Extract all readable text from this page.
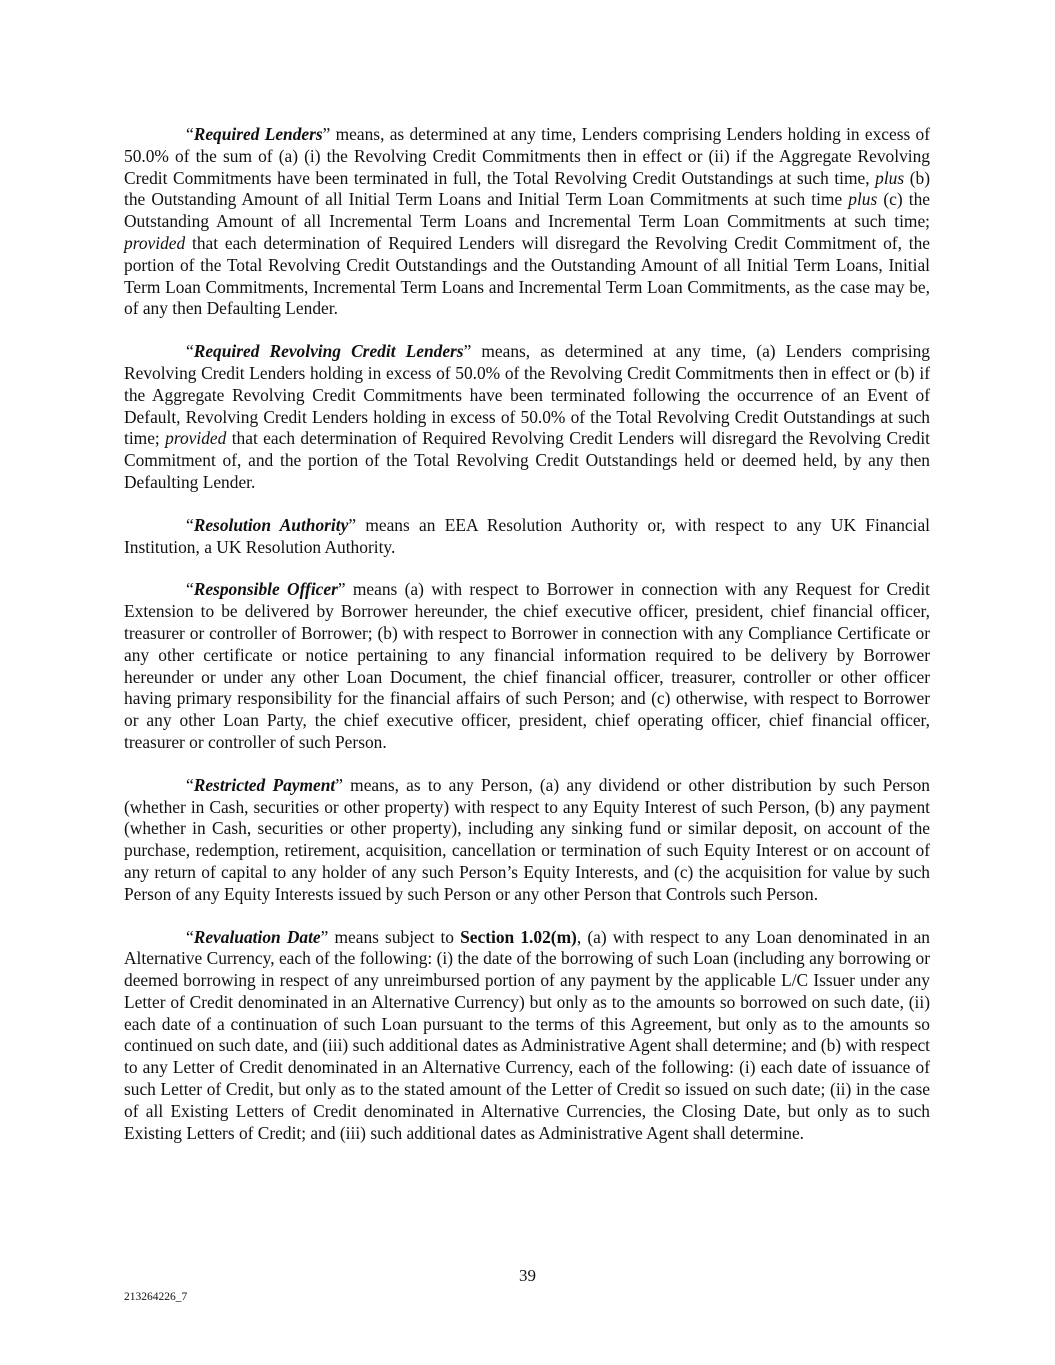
“Required Lenders” means, as determined at any time, Lenders comprising Lenders holding in excess of 50.0% of the sum of (a) (i) the Revolving Credit Commitments then in effect or (ii) if the Aggregate Revolving Credit Commitments have been terminated in full, the Total Revolving Credit Outstandings at such time, plus (b) the Outstanding Amount of all Initial Term Loans and Initial Term Loan Commitments at such time plus (c) the Outstanding Amount of all Incremental Term Loans and Incremental Term Loan Commitments at such time; provided that each determination of Required Lenders will disregard the Revolving Credit Commitment of, the portion of the Total Revolving Credit Outstandings and the Outstanding Amount of all Initial Term Loans, Initial Term Loan Commitments, Incremental Term Loans and Incremental Term Loan Commitments, as the case may be, of any then Defaulting Lender.

“Required Revolving Credit Lenders” means, as determined at any time, (a) Lenders comprising Revolving Credit Lenders holding in excess of 50.0% of the Revolving Credit Commitments then in effect or (b) if the Aggregate Revolving Credit Commitments have been terminated following the occurrence of an Event of Default, Revolving Credit Lenders holding in excess of 50.0% of the Total Revolving Credit Outstandings at such time; provided that each determination of Required Revolving Credit Lenders will disregard the Revolving Credit Commitment of, and the portion of the Total Revolving Credit Outstandings held or deemed held, by any then Defaulting Lender.

“Resolution Authority” means an EEA Resolution Authority or, with respect to any UK Financial Institution, a UK Resolution Authority.

“Responsible Officer” means (a) with respect to Borrower in connection with any Request for Credit Extension to be delivered by Borrower hereunder, the chief executive officer, president, chief financial officer, treasurer or controller of Borrower; (b) with respect to Borrower in connection with any Compliance Certificate or any other certificate or notice pertaining to any financial information required to be delivery by Borrower hereunder or under any other Loan Document, the chief financial officer, treasurer, controller or other officer having primary responsibility for the financial affairs of such Person; and (c) otherwise, with respect to Borrower or any other Loan Party, the chief executive officer, president, chief operating officer, chief financial officer, treasurer or controller of such Person.

“Restricted Payment” means, as to any Person, (a) any dividend or other distribution by such Person (whether in Cash, securities or other property) with respect to any Equity Interest of such Person, (b) any payment (whether in Cash, securities or other property), including any sinking fund or similar deposit, on account of the purchase, redemption, retirement, acquisition, cancellation or termination of such Equity Interest or on account of any return of capital to any holder of any such Person’s Equity Interests, and (c) the acquisition for value by such Person of any Equity Interests issued by such Person or any other Person that Controls such Person.

“Revaluation Date” means subject to Section 1.02(m), (a) with respect to any Loan denominated in an Alternative Currency, each of the following: (i) the date of the borrowing of such Loan (including any borrowing or deemed borrowing in respect of any unreimbursed portion of any payment by the applicable L/C Issuer under any Letter of Credit denominated in an Alternative Currency) but only as to the amounts so borrowed on such date, (ii) each date of a continuation of such Loan pursuant to the terms of this Agreement, but only as to the amounts so continued on such date, and (iii) such additional dates as Administrative Agent shall determine; and (b) with respect to any Letter of Credit denominated in an Alternative Currency, each of the following: (i) each date of issuance of such Letter of Credit, but only as to the stated amount of the Letter of Credit so issued on such date; (ii) in the case of all Existing Letters of Credit denominated in Alternative Currencies, the Closing Date, but only as to such Existing Letters of Credit; and (iii) such additional dates as Administrative Agent shall determine.

39
213264226_7
